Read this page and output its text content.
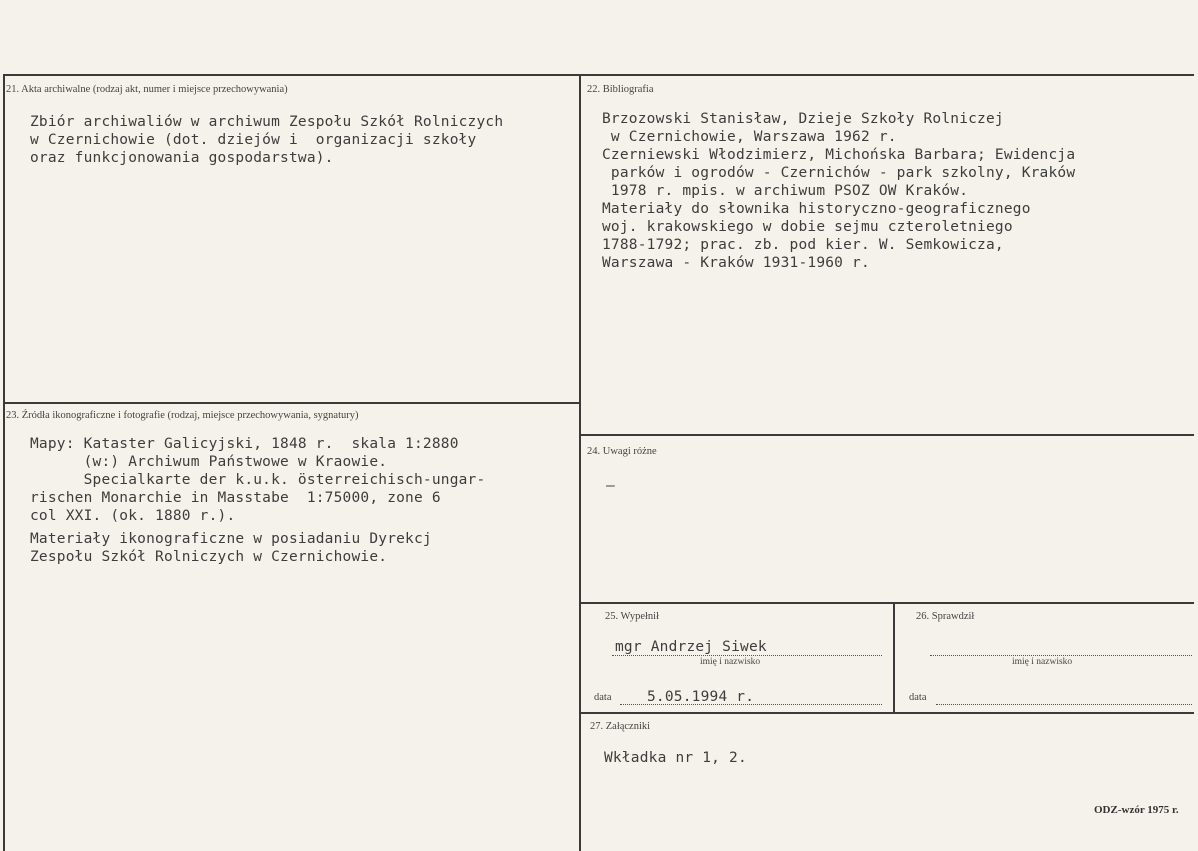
21. Akta archiwalne (rodzaj akt, numer i miejsce przechowywania)
Zbiór archiwaliów w archiwum Zespołu Szkół Rolniczych
w Czernichowie (dot. dziejów i  organizacji szkoły
oraz funkcjonowania gospodarstwa).
22. Bibliografia
Brzozowski Stanisław, Dzieje Szkoły Rolniczej
w Czernichowie, Warszawa 1962 r.
Czerniewski Włodzimierz, Michońska Barbara; Ewidencja
parków i ogrodów - Czernichów - park szkolny, Kraków
1978 r. mpis. w archiwum PSOZ OW Kraków.
Materiały do słownika historyczno-geograficznego
woj. krakowskiego w dobie sejmu czteroletniego
1788-1792; prac. zb. pod kier. W. Semkowicza,
Warszawa - Kraków 1931-1960 r.
23. Źródła ikonograficzne i fotografie (rodzaj, miejsce przechowywania, sygnatury)
Mapy: Kataster Galicyjski, 1848 r.  skala 1:2880
(w:) Archiwum Państwowe w Kraowie.
Specialkarte der k.u.k. österreichisch-ungar-
rischen Monarchie in Masstabe  1:75000, zone 6
col XXI. (ok. 1880 r.).
Materiały ikonograficzne w posiadaniu Dyrekcj
Zespołu Szkół Rolniczych w Czernichowie.
24. Uwagi różne
–
25. Wypełnił
mgr Andrzej Siwek
imię i nazwisko
data 5.05.1994 r.
26. Sprawdził
imię i nazwisko
data
27. Załączniki
Wkładka nr 1, 2.
ODZ-wzór 1975 r.
